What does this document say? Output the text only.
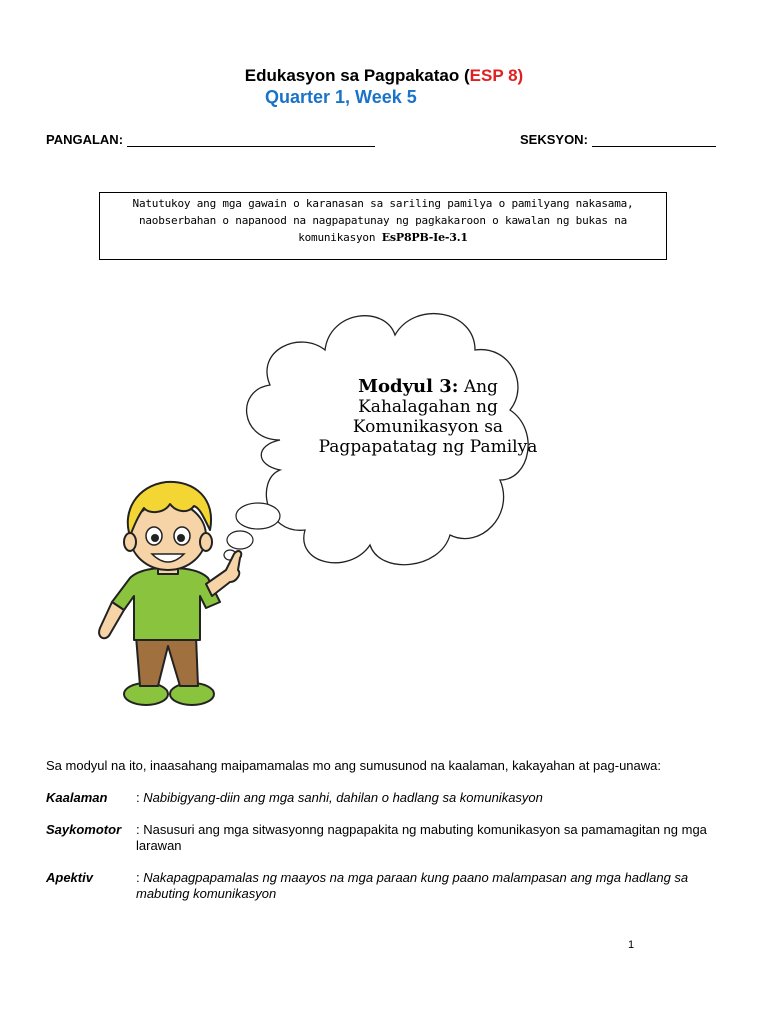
Edukasyon sa Pagpakatao (ESP 8)
Quarter 1, Week 5
PANGALAN:	SEKSYON:
Natutukoy ang mga gawain o karanasan sa sariling pamilya o pamilyang nakasama, naobserbahan o napanood na nagpapatunay ng pagkakaroon o kawalan ng bukas na komunikasyon EsP8PB-Ie-3.1
Modyul 3: Ang
Kahalagahan ng Komunikasyon sa Pagpapatatag ng Pamilya
Sa modyul na ito, inaasahang maipamamalas mo ang sumusunod na kaalaman, kakayahan at pag-unawa:
Kaalaman : Nabibigyang-diin ang mga sanhi, dahilan o hadlang sa komunikasyon
Saykomotor : Nasusuri ang mga sitwasyonng nagpapakita ng mabuting komunikasyon sa pamamagitan ng mga larawan
Apektiv	: Nakapagpapamalas ng maayos na mga paraan kung paano malampasan ang mga hadlang sa mabuting komunikasyon
1
